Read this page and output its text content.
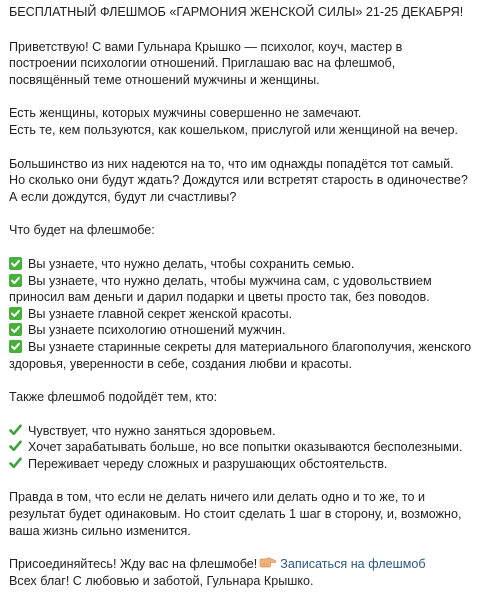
БЕСПЛАТНЫЙ ФЛЕШМОБ «ГАРМОНИЯ ЖЕНСКОЙ СИЛЫ» 21-25 ДЕКАБРЯ!

Приветствую! С вами Гульнара Крышко — психолог, коуч, мастер в построении психологии отношений. Приглашаю вас на флешмоб, посвящённый теме отношений мужчины и женщины.

Есть женщины, которых мужчины совершенно не замечают.
Есть те, кем пользуются, как кошельком, прислугой или женщиной на вечер.

Большинство из них надеются на то, что им однажды попадётся тот самый. Но сколько они будут ждать? Дождутся или встретят старость в одиночестве? А если дождутся, будут ли счастливы?

Что будет на флешмобе:

Вы узнаете, что нужно делать, чтобы сохранить семью.
Вы узнаете, что нужно делать, чтобы мужчина сам, с удовольствием приносил вам деньги и дарил подарки и цветы просто так, без поводов.
Вы узнаете главной секрет женской красоты.
Вы узнаете психологию отношений мужчин.
Вы узнаете старинные секреты для материального благополучия, женского здоровья, уверенности в себе, создания любви и красоты.

Также флешмоб подойдёт тем, кто:

Чувствует, что нужно заняться здоровьем.
Хочет зарабатывать больше, но все попытки оказываются бесполезными.
Переживает череду сложных и разрушающих обстоятельств.

Правда в том, что если не делать ничего или делать одно и то же, то и результат будет одинаковым. Но стоит сделать 1 шаг в сторону, и, возможно, ваша жизнь сильно изменится.

Присоединяйтесь! Жду вас на флешмобе! Записаться на флешмоб

Всех благ! С любовью и заботой, Гульнара Крышко.
